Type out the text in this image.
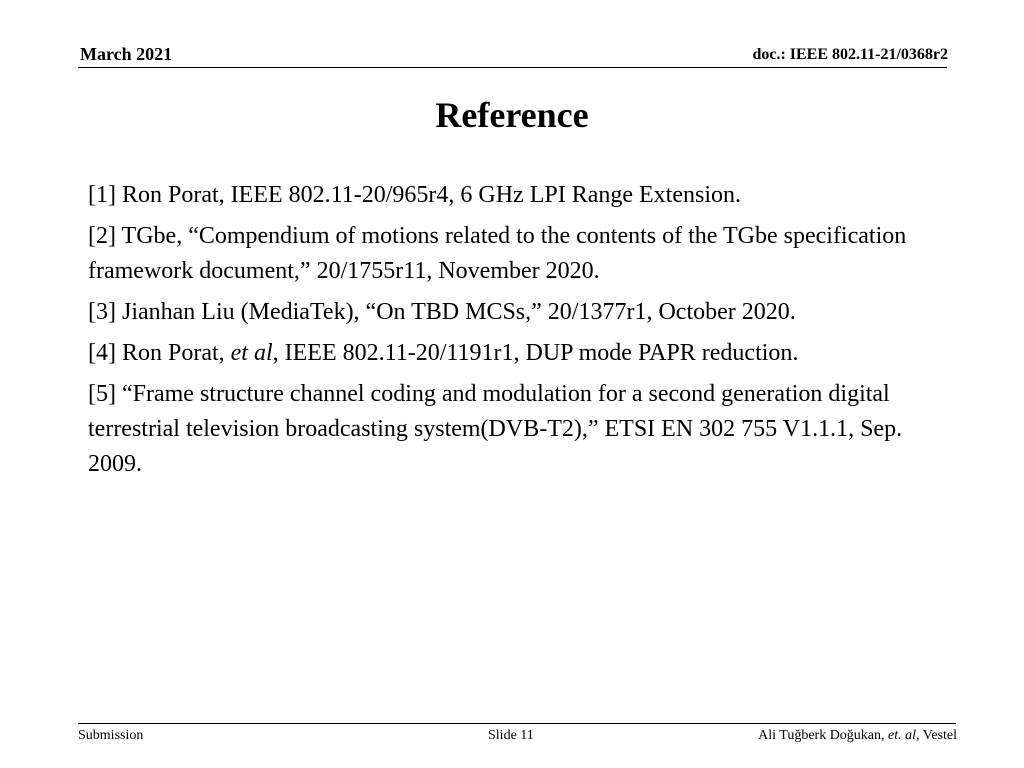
March 2021	doc.: IEEE 802.11-21/0368r2
Reference
[1] Ron Porat, IEEE 802.11-20/965r4, 6 GHz LPI Range Extension.
[2] TGbe, “Compendium of motions related to the contents of the TGbe specification framework document,” 20/1755r11, November 2020.
[3] Jianhan Liu (MediaTek), “On TBD MCSs,” 20/1377r1, October 2020.
[4] Ron Porat, et al, IEEE 802.11-20/1191r1, DUP mode PAPR reduction.
[5] “Frame structure channel coding and modulation for a second generation digital terrestrial television broadcasting system(DVB-T2),” ETSI EN 302 755 V1.1.1, Sep. 2009.
Submission	Slide 11	Ali Tuğberk Doğukan, et. al, Vestel
